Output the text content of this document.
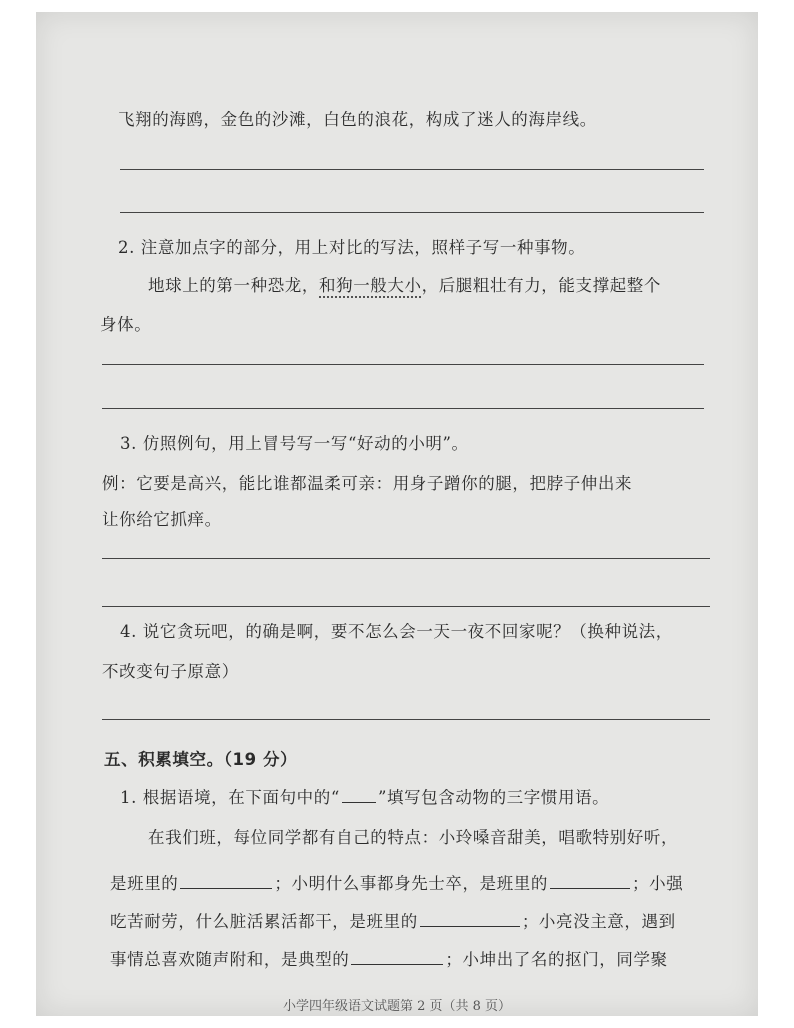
飞翔的海鸥，金色的沙滩，白色的浪花，构成了迷人的海岸线。
2. 注意加点字的部分，用上对比的写法，照样子写一种事物。
地球上的第一种恐龙，和狗一般大小，后腿粗壮有力，能支撑起整个
身体。
3. 仿照例句，用上冒号写一写“好动的小明”。
例：它要是高兴，能比谁都温柔可亲：用身子蹭你的腿，把脖子伸出来
让你给它抓痒。
4. 说它贪玩吧，的确是啊，要不怎么会一天一夜不回家呢？（换种说法，
不改变句子原意）
五、积累填空。（19 分）
1. 根据语境，在下面句中的“ ”填写包含动物的三字惯用语。
在我们班，每位同学都有自己的特点：小玲嗓音甜美，唱歌特别好听，
是班里的	；小明什么事都身先士卒，是班里的	；小强
吃苦耐劳，什么脏活累活都干，是班里的	；小亮没主意，遇到
事情总喜欢随声附和，是典型的	；小坤出了名的抠门，同学聚
小学四年级语文试题第 2 页（共 8 页）
